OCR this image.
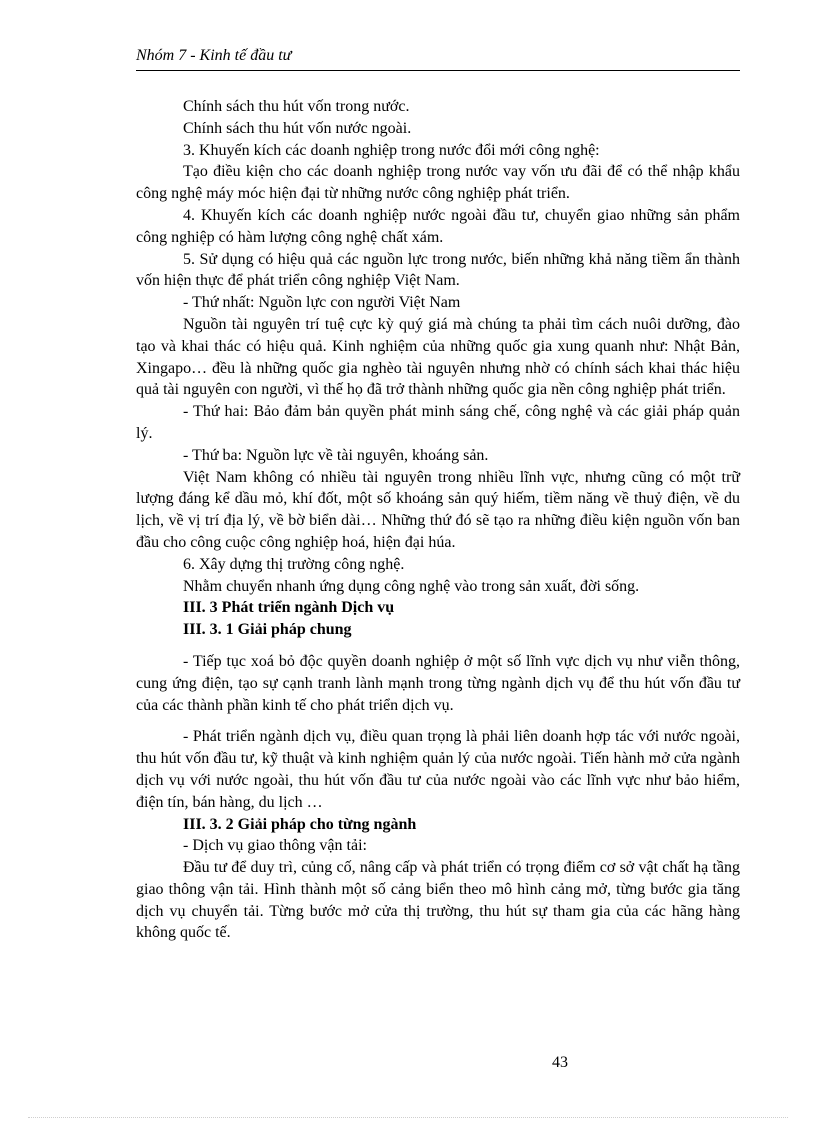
Nhóm 7 - Kinh tế đầu tư

Chính sách thu hút vốn trong nước.

Chính sách thu hút vốn nước ngoài.

3. Khuyến kích các doanh nghiệp trong nước đổi mới công nghệ:

Tạo điều kiện cho các doanh nghiệp trong nước vay vốn ưu đãi để có thể nhập khẩu công nghệ máy móc hiện đại từ những nước công nghiệp phát triển.

4. Khuyến kích các doanh nghiệp nước ngoài đầu tư, chuyển giao những sản phẩm công nghiệp có hàm lượng công nghệ chất xám.

5. Sử dụng có hiệu quả các nguồn lực trong nước, biến những khả năng tiềm ẩn thành vốn hiện thực để phát triển công nghiệp Việt Nam.

- Thứ nhất: Nguồn lực con người Việt Nam

Nguồn tài nguyên trí tuệ cực kỳ quý giá mà chúng ta phải tìm cách nuôi dưỡng, đào tạo và khai thác có hiệu quả. Kinh nghiệm của những quốc gia xung quanh như: Nhật Bản, Xingapo… đều là những quốc gia nghèo tài nguyên nhưng nhờ có chính sách khai thác hiệu quả tài nguyên con người, vì thế họ đã trở thành những quốc gia nền công nghiệp phát triển.

- Thứ hai: Bảo đảm bản quyền phát minh sáng chế, công nghệ và các giải pháp quản lý.

- Thứ ba: Nguồn lực về tài nguyên, khoáng sản.

Việt Nam không có nhiều tài nguyên trong nhiều lĩnh vực, nhưng cũng có một trữ lượng đáng kể dầu mỏ, khí đốt, một số khoáng sản quý hiếm, tiềm năng về thuỷ điện, về du lịch, về vị trí địa lý, về bờ biển dài… Những thứ đó sẽ tạo ra những điều kiện nguồn vốn ban đầu cho công cuộc công nghiệp hoá, hiện đại húa.

6. Xây dựng thị trường công nghệ.

Nhằm chuyển nhanh ứng dụng công nghệ vào trong sản xuất, đời sống.

III. 3 Phát triển ngành Dịch vụ

III. 3. 1 Giải pháp chung

- Tiếp tục xoá bỏ độc quyền doanh nghiệp ở một số lĩnh vực dịch vụ như viễn thông, cung ứng điện, tạo sự cạnh tranh lành mạnh trong từng ngành dịch vụ để thu hút vốn đầu tư của các thành phần kinh tế cho phát triển dịch vụ.

- Phát triển ngành dịch vụ, điều quan trọng là phải liên doanh hợp tác với nước ngoài, thu hút vốn đầu tư, kỹ thuật và kinh nghiệm quản lý của nước ngoài. Tiến hành mở cửa ngành dịch vụ với nước ngoài, thu hút vốn đầu tư của nước ngoài vào các lĩnh vực như bảo hiểm, điện tín, bán hàng, du lịch …

III. 3. 2 Giải pháp cho từng ngành

- Dịch vụ giao thông vận tải:

Đầu tư để duy trì, củng cố, nâng cấp và phát triển có trọng điểm cơ sở vật chất hạ tầng giao thông vận tải. Hình thành một số cảng biển theo mô hình cảng mở, từng bước gia tăng dịch vụ chuyển tải. Từng bước mở cửa thị trường, thu hút sự tham gia của các hãng hàng không quốc tế.

43
